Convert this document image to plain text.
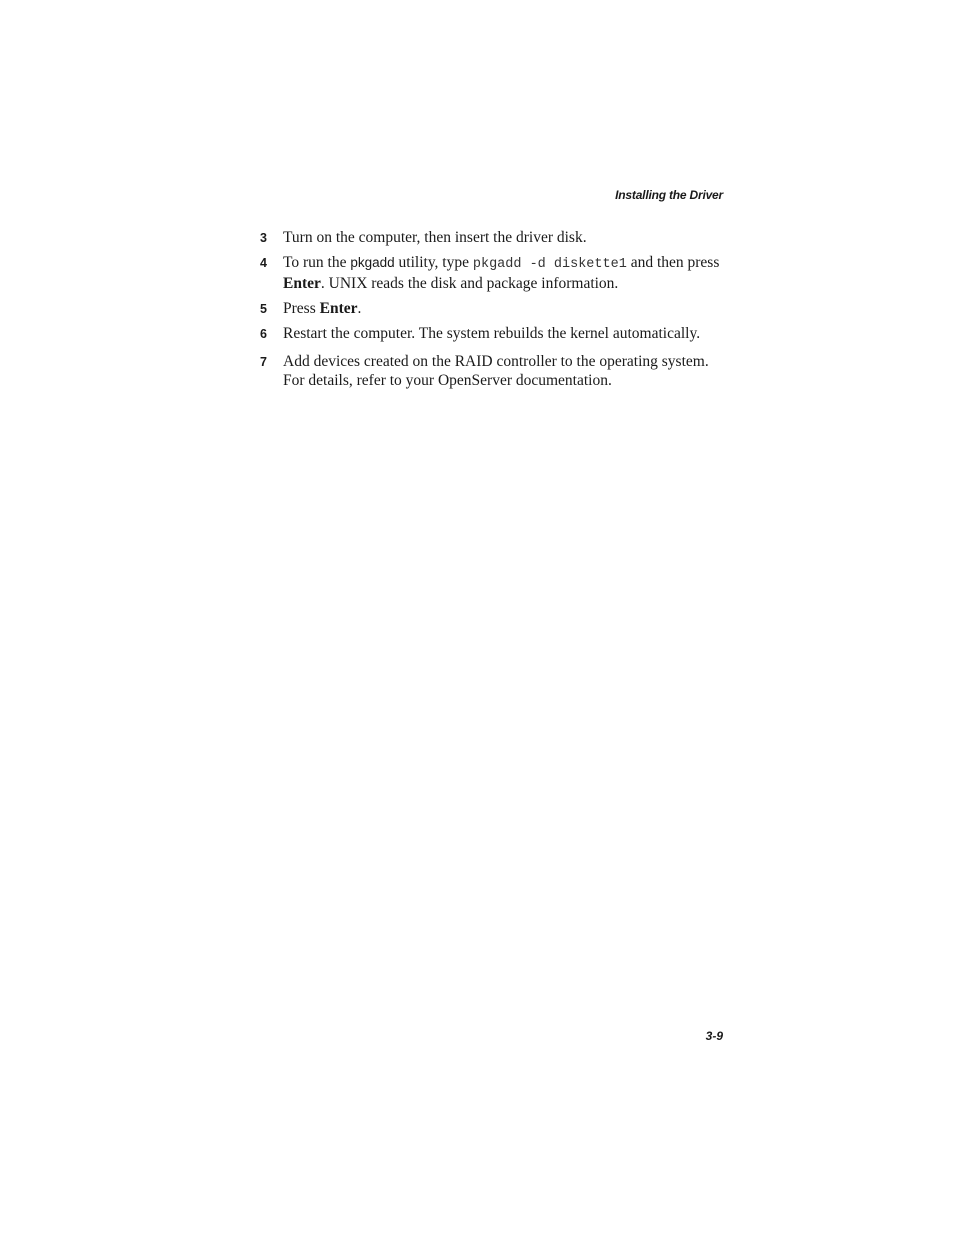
Installing the Driver
3 Turn on the computer, then insert the driver disk.
4 To run the pkgadd utility, type pkgadd -d diskette1 and then press Enter. UNIX reads the disk and package information.
5 Press Enter.
6 Restart the computer. The system rebuilds the kernel automatically.
7 Add devices created on the RAID controller to the operating system. For details, refer to your OpenServer documentation.
3-9
